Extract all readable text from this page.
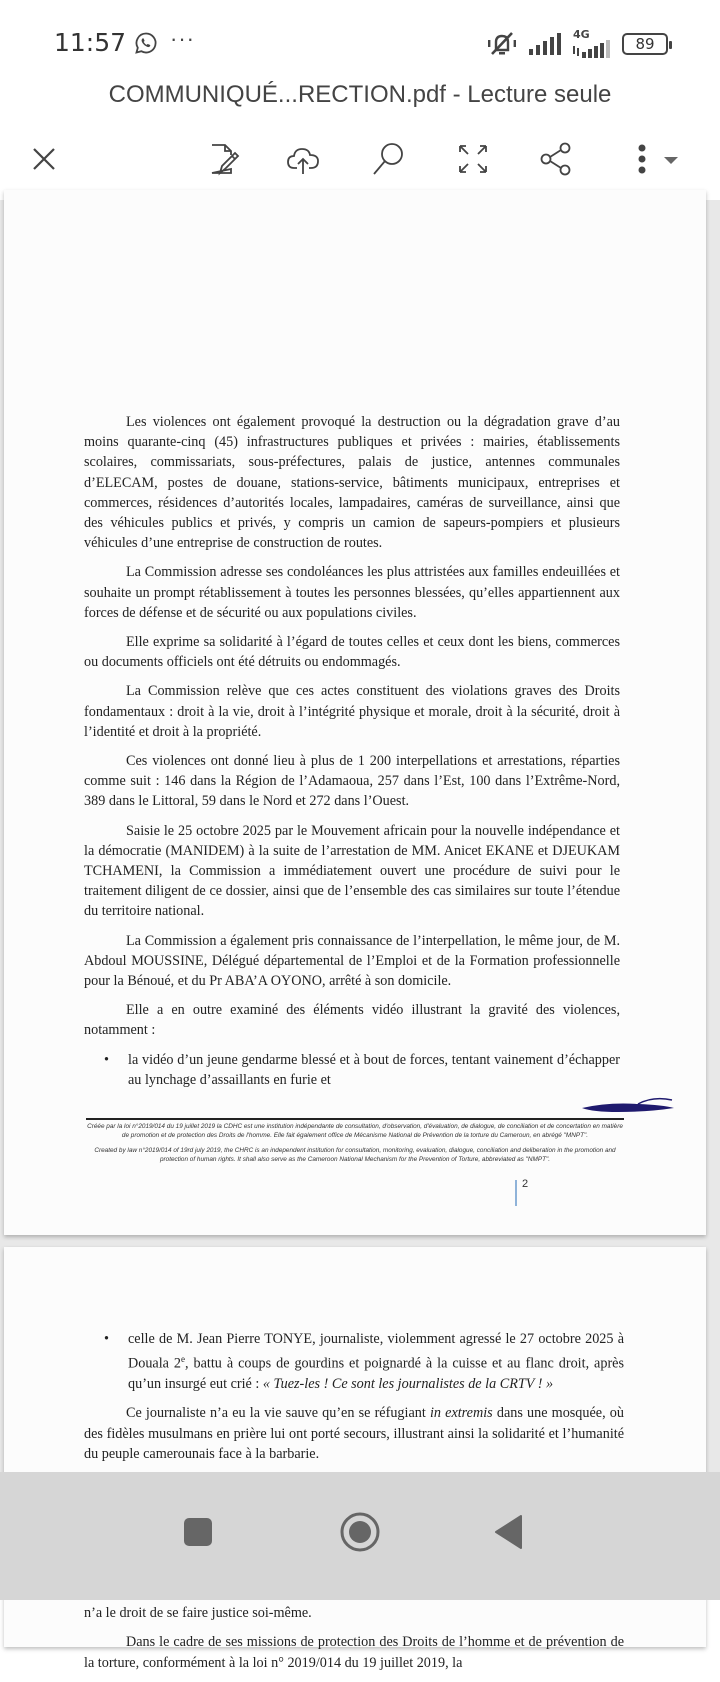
11:57 ···	4G
89
COMMUNIQUÉ...RECTION.pdf - Lecture seule

Les violences ont également provoqué la destruction ou la dégradation grave d’au moins quarante-cinq (45) infrastructures publiques et privées : mairies, établissements scolaires, commissariats, sous-préfectures, palais de justice, antennes communales d’ELECAM, postes de douane, stations-service, bâtiments municipaux, entreprises et commerces, résidences d’autorités locales, lampadaires, caméras de surveillance, ainsi que des véhicules publics et privés, y compris un camion de sapeurs-pompiers et plusieurs véhicules d’une entreprise de construction de routes.

La Commission adresse ses condoléances les plus attristées aux familles endeuillées et souhaite un prompt rétablissement à toutes les personnes blessées, qu’elles appartiennent aux forces de défense et de sécurité ou aux populations civiles.

Elle exprime sa solidarité à l’égard de toutes celles et ceux dont les biens, commerces ou documents officiels ont été détruits ou endommagés.

La Commission relève que ces actes constituent des violations graves des Droits fondamentaux : droit à la vie, droit à l’intégrité physique et morale, droit à la sécurité, droit à l’identité et droit à la propriété.

Ces violences ont donné lieu à plus de 1 200 interpellations et arrestations, réparties comme suit : 146 dans la Région de l’Adamaoua, 257 dans l’Est, 100 dans l’Extrême-Nord, 389 dans le Littoral, 59 dans le Nord et 272 dans l’Ouest.

Saisie le 25 octobre 2025 par le Mouvement africain pour la nouvelle indépendance et la démocratie (MANIDEM) à la suite de l’arrestation de MM. Anicet EKANE et DJEUKAM TCHAMENI, la Commission a immédiatement ouvert une procédure de suivi pour le traitement diligent de ce dossier, ainsi que de l’ensemble des cas similaires sur toute l’étendue du territoire national.

La Commission a également pris connaissance de l’interpellation, le même jour, de M. Abdoul MOUSSINE, Délégué départemental de l’Emploi et de la Formation professionnelle pour la Bénoué, et du Pr ABA’A OYONO, arrêté à son domicile.

Elle a en outre examiné des éléments vidéo illustrant la gravité des violences, notamment :

• la vidéo d’un jeune gendarme blessé et à bout de forces, tentant vainement d’échapper au lynchage d’assaillants en furie et
Créée par la loi n°2019/014 du 19 juillet 2019 la CDHC est une institution indépendante de consultation, d'observation, d'évaluation, de dialogue, de conciliation et de concertation en matière de promotion et de protection des Droits de l'homme. Elle fait également office de Mécanisme National de Prévention de la torture du Cameroun, en abrégé "MNPT".
Created by law n°2019/014 of 19rd july 2019, the CHRC is an independent institution for consultation, monitoring, evaluation, dialogue, conciliation and deliberation in the promotion and protection of human rights. It shall also serve as the Cameroon National Mechanism for the Prevention of Torture, abbreviated as "NMPT".
2
• celle de M. Jean Pierre TONYE, journaliste, violemment agressé le 27 octobre 2025 à Douala 2e, battu à coups de gourdins et poignardé à la cuisse et au flanc droit, après qu’un insurgé eut crié : « Tuez-les ! Ce sont les journalistes de la CRTV ! »

Ce journaliste n’a eu la vie sauve qu’en se réfugiant in extremis dans une mosquée, où des fidèles musulmans en prière lui ont porté secours, illustrant ainsi la solidarité et l’humanité du peuple camerounais face à la barbarie.

n’a le droit de se faire justice soi-même.

Dans le cadre de ses missions de protection des Droits de l’homme et de prévention de la torture, conformément à la loi n° 2019/014 du 19 juillet 2019, la
